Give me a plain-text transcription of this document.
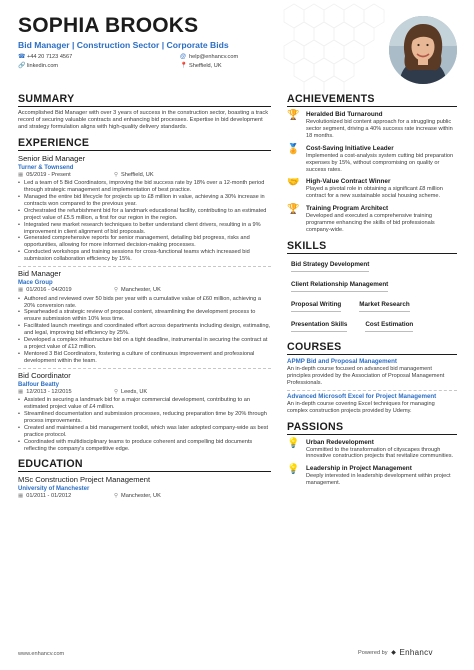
SOPHIA BROOKS
Bid Manager | Construction Sector | Corporate Bids
☎ +44 20 7123 4567	@ help@enhancv.com
🔗 linkedin.com	📍 Sheffield, UK
SUMMARY
Accomplished Bid Manager with over 3 years of success in the construction sector, boasting a track record of securing valuable contracts and enhancing bid processes. Expertise in bid development and strategy formulation aligns with high-quality delivery standards.
EXPERIENCE
Senior Bid Manager
Turner & Townsend
▦ 05/2019 - Present	⚲ Sheffield, UK
• Led a team of 5 Bid Coordinators, improving the bid success rate by 18% over a 12-month period through strategic management and implementation of best practice.
• Managed the entire bid lifecycle for projects up to £8 million in value, achieving a 30% increase in contracts won compared to the previous year.
• Orchestrated the refurbishment bid for a landmark educational facility, contributing to an estimated project value of £5.5 million, a first for our region in the region.
• Integrated new market research techniques to better understand client drivers, resulting in a 9% improvement in client alignment of bid proposals.
• Generated comprehensive reports for senior management, detailing bid progress, risks and opportunities, allowing for more informed decision-making processes.
• Conducted workshops and training sessions for cross-functional teams which increased bid submission collaboration efficiency by 15%.
Bid Manager
Mace Group
▦ 01/2016 - 04/2019	⚲ Manchester, UK
• Authored and reviewed over 50 bids per year with a cumulative value of £60 million, achieving a 20% conversion rate.
• Spearheaded a strategic review of proposal content, streamlining the development process to ensure submission within 10% less time.
• Facilitated launch meetings and coordinated effort across departments including design, estimating, and legal, improving bid efficiency by 25%.
• Developed a complex infrastructure bid on a tight deadline, instrumental in securing the contract at a project value of £12 million.
• Mentored 3 Bid Coordinators, fostering a culture of continuous improvement and professional development within the team.
Bid Coordinator
Balfour Beatty
▦ 12/2013 - 12/2015	⚲ Leeds, UK
• Assisted in securing a landmark bid for a major commercial development, contributing to an estimated project value of £4 million.
• Streamlined documentation and submission processes, reducing preparation time by 20% through process improvements.
• Created and maintained a bid management toolkit, which was later adopted company-wide as best practice protocol.
• Coordinated with multidisciplinary teams to produce coherent and compelling bid documents reflecting the company's competitive edge.
EDUCATION
MSc Construction Project Management
University of Manchester
▦ 01/2011 - 01/2012	⚲ Manchester, UK
ACHIEVEMENTS
🏆 Heralded Bid Turnaround
Revolutionized bid content approach for a struggling public sector segment, driving a 40% success rate increase within 18 months.
🏅 Cost-Saving Initiative Leader
Implemented a cost-analysis system cutting bid preparation expenses by 15%, without compromising on quality or success rates.
🤝 High-Value Contract Winner
Played a pivotal role in obtaining a significant £8 million contract for a new sustainable social housing scheme.
🏆 Training Program Architect
Developed and executed a comprehensive training programme enhancing the skills of bid professionals company-wide.
SKILLS
Bid Strategy Development
Client Relationship Management
Proposal Writing	Market Research
Presentation Skills	Cost Estimation
COURSES
APMP Bid and Proposal Management
An in-depth course focused on advanced bid management principles provided by the Association of Proposal Management Professionals.
Advanced Microsoft Excel for Project Management
An in-depth course covering Excel techniques for managing complex construction projects provided by Udemy.
PASSIONS
💡 Urban Redevelopment
Committed to the transformation of cityscapes through innovative construction projects that revitalize communities.
💡 Leadership in Project Management
Deeply interested in leadership development within project management.
www.enhancv.com	Powered by ◆ Enhancv
